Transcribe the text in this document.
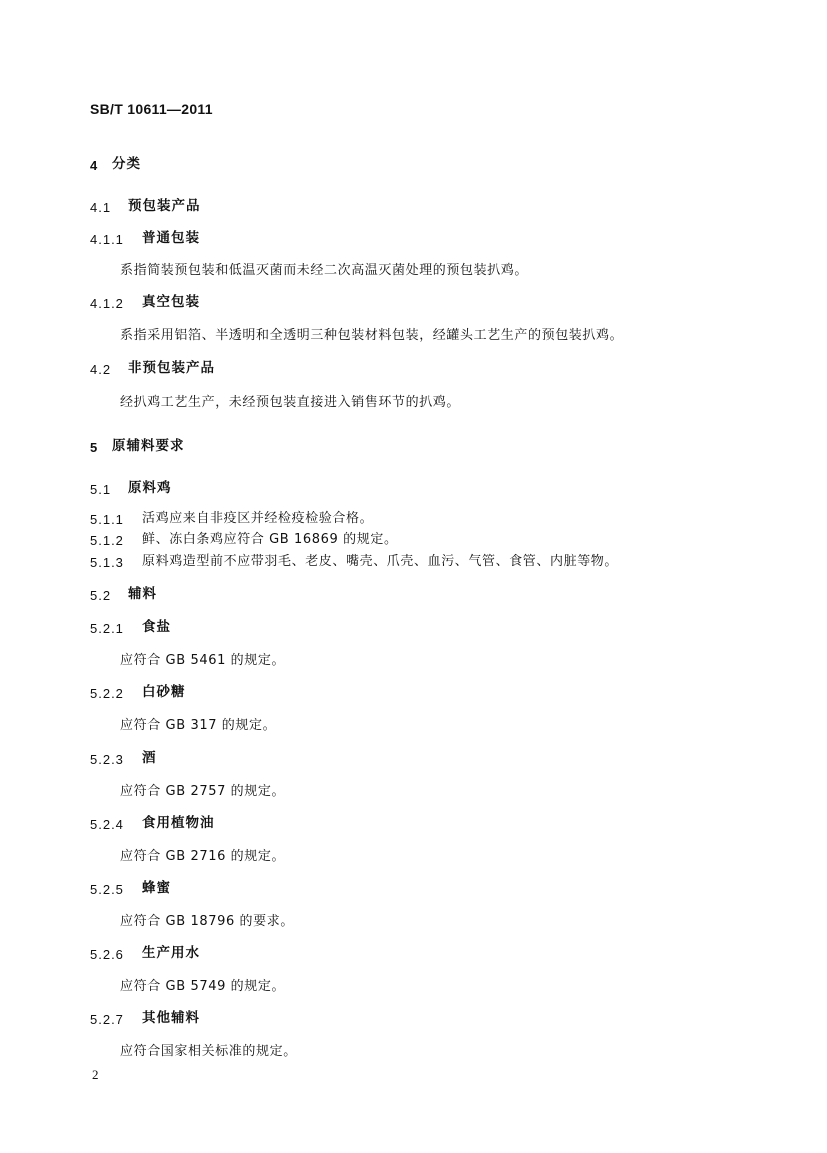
SB/T 10611—2011
4 分类
4.1 预包装产品
4.1.1 普通包装
系指简装预包装和低温灭菌而未经二次高温灭菌处理的预包装扒鸡。
4.1.2 真空包装
系指采用铝箔、半透明和全透明三种包装材料包装，经罐头工艺生产的预包装扒鸡。
4.2 非预包装产品
经扒鸡工艺生产，未经预包装直接进入销售环节的扒鸡。
5 原辅料要求
5.1 原料鸡
5.1.1 活鸡应来自非疫区并经检疫检验合格。
5.1.2 鲜、冻白条鸡应符合 GB 16869 的规定。
5.1.3 原料鸡造型前不应带羽毛、老皮、嘴壳、爪壳、血污、气管、食管、内脏等物。
5.2 辅料
5.2.1 食盐
应符合 GB 5461 的规定。
5.2.2 白砂糖
应符合 GB 317 的规定。
5.2.3 酒
应符合 GB 2757 的规定。
5.2.4 食用植物油
应符合 GB 2716 的规定。
5.2.5 蜂蜜
应符合 GB 18796 的要求。
5.2.6 生产用水
应符合 GB 5749 的规定。
5.2.7 其他辅料
应符合国家相关标准的规定。
2
